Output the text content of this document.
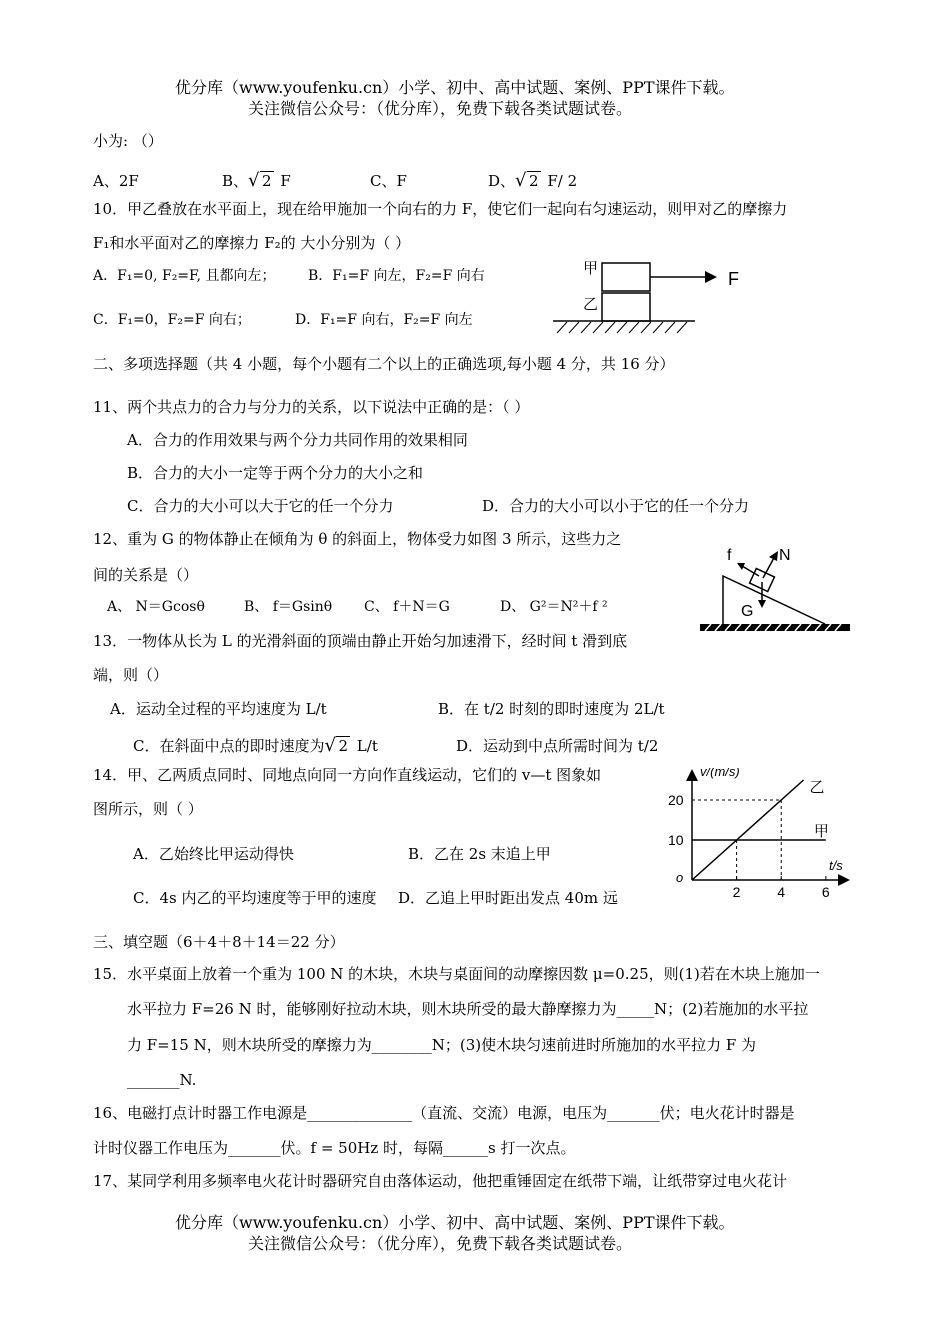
优分库（www.youfenku.cn）小学、初中、高中试题、案例、PPT课件下载。
关注微信公众号：（优分库），免费下载各类试题试卷。
小为: （）
A、2F	B、 √ 2 F	C、F	D、 √ 2 F/ 2
10．甲乙叠放在水平面上，现在给甲施加一个向右的力 F，使它们一起向右匀速运动，则甲对乙的摩擦力
F₁和水平面对乙的摩擦力 F₂的 大小分别为（ ）
A．F₁=0, F₂=F, 且都向左； B．F₁=F 向左，F₂=F 向右
C．F₁=0，F₂=F 向右；	D．F₁=F 向右，F₂=F 向左
甲
乙
F
二、多项选择题（共 4 小题，每个小题有二个以上的正确选项,每小题 4 分，共 16 分）
11、两个共点力的合力与分力的关系，以下说法中正确的是：（ ）
A．合力的作用效果与两个分力共同作用的效果相同
B．合力的大小一定等于两个分力的大小之和
C．合力的大小可以大于它的任一个分力	D．合力的大小可以小于它的任一个分力
12、重为 G 的物体静止在倾角为 θ 的斜面上，物体受力如图 3 所示，这些力之
间的关系是（）
A、 N＝Gcosθ	B、 f＝Gsinθ C、 f＋N＝G	D、 G²＝N²＋f ²
f	N
G
13．一物体从长为 L 的光滑斜面的顶端由静止开始匀加速滑下，经时间 t 滑到底
端，则（）
A．运动全过程的平均速度为 L/t	B．在 t/2 时刻的即时速度为 2L/t
C．在斜面中点的即时速度为 √ 2 L/t	D．运动到中点所需时间为 t/2
14．甲、乙两质点同时、同地点向同一方向作直线运动，它们的 v—t 图象如
图所示，则（ ）
A．乙始终比甲运动得快	B．乙在 2s 末追上甲
C．4s 内乙的平均速度等于甲的速度 D．乙追上甲时距出发点 40m 远	2	4	6
10
20
乙
甲
v/(m/s)
t/s
o
三、填空题（6＋4＋8＋14＝22 分）
15．水平桌面上放着一个重为 100 N 的木块，木块与桌面间的动摩擦因数 μ=0.25，则(1)若在木块上施加一
水平拉力 F=26 N 时，能够刚好拉动木块，则木块所受的最大静摩擦力为_____N；(2)若施加的水平拉
力 F=15 N，则木块所受的摩擦力为________N；(3)使木块匀速前进时所施加的水平拉力 F 为
_______N.
16、电磁打点计时器工作电源是______________（直流、交流）电源，电压为_______伏；电火花计时器是
计时仪器工作电压为_______伏。f = 50Hz 时，每隔______s 打一次点。
17、某同学利用多频率电火花计时器研究自由落体运动，他把重锤固定在纸带下端，让纸带穿过电火花计
优分库（www.youfenku.cn）小学、初中、高中试题、案例、PPT课件下载。
关注微信公众号：（优分库），免费下载各类试题试卷。
